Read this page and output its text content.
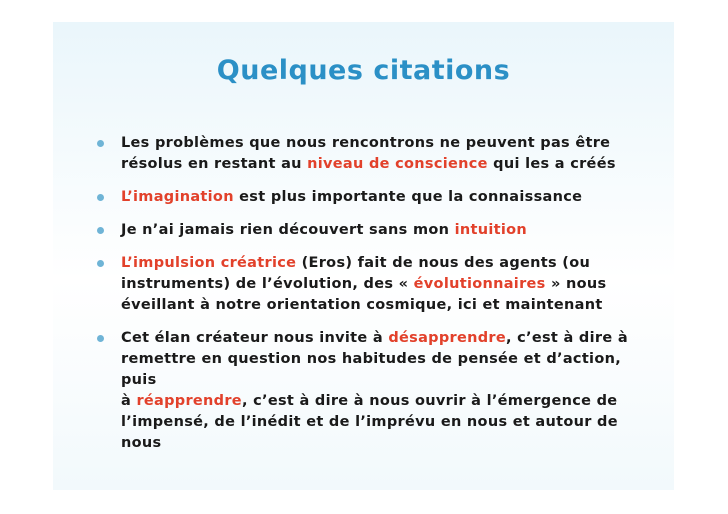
Quelques citations
Les problèmes que nous rencontrons ne peuvent pas être
résolus en restant au niveau de conscience qui les a créés
L’imagination est plus importante que la connaissance
Je n’ai jamais rien découvert sans mon intuition
L’impulsion créatrice (Eros) fait de nous des agents (ou
instruments) de l’évolution, des « évolutionnaires » nous
éveillant à notre orientation cosmique, ici et maintenant
Cet élan créateur nous invite à désapprendre, c’est à dire à
remettre en question nos habitudes de pensée et d’action, puis
à réapprendre, c’est à dire à nous ouvrir à l’émergence de
l’impensé, de l’inédit et de l’imprévu en nous et autour de nous
